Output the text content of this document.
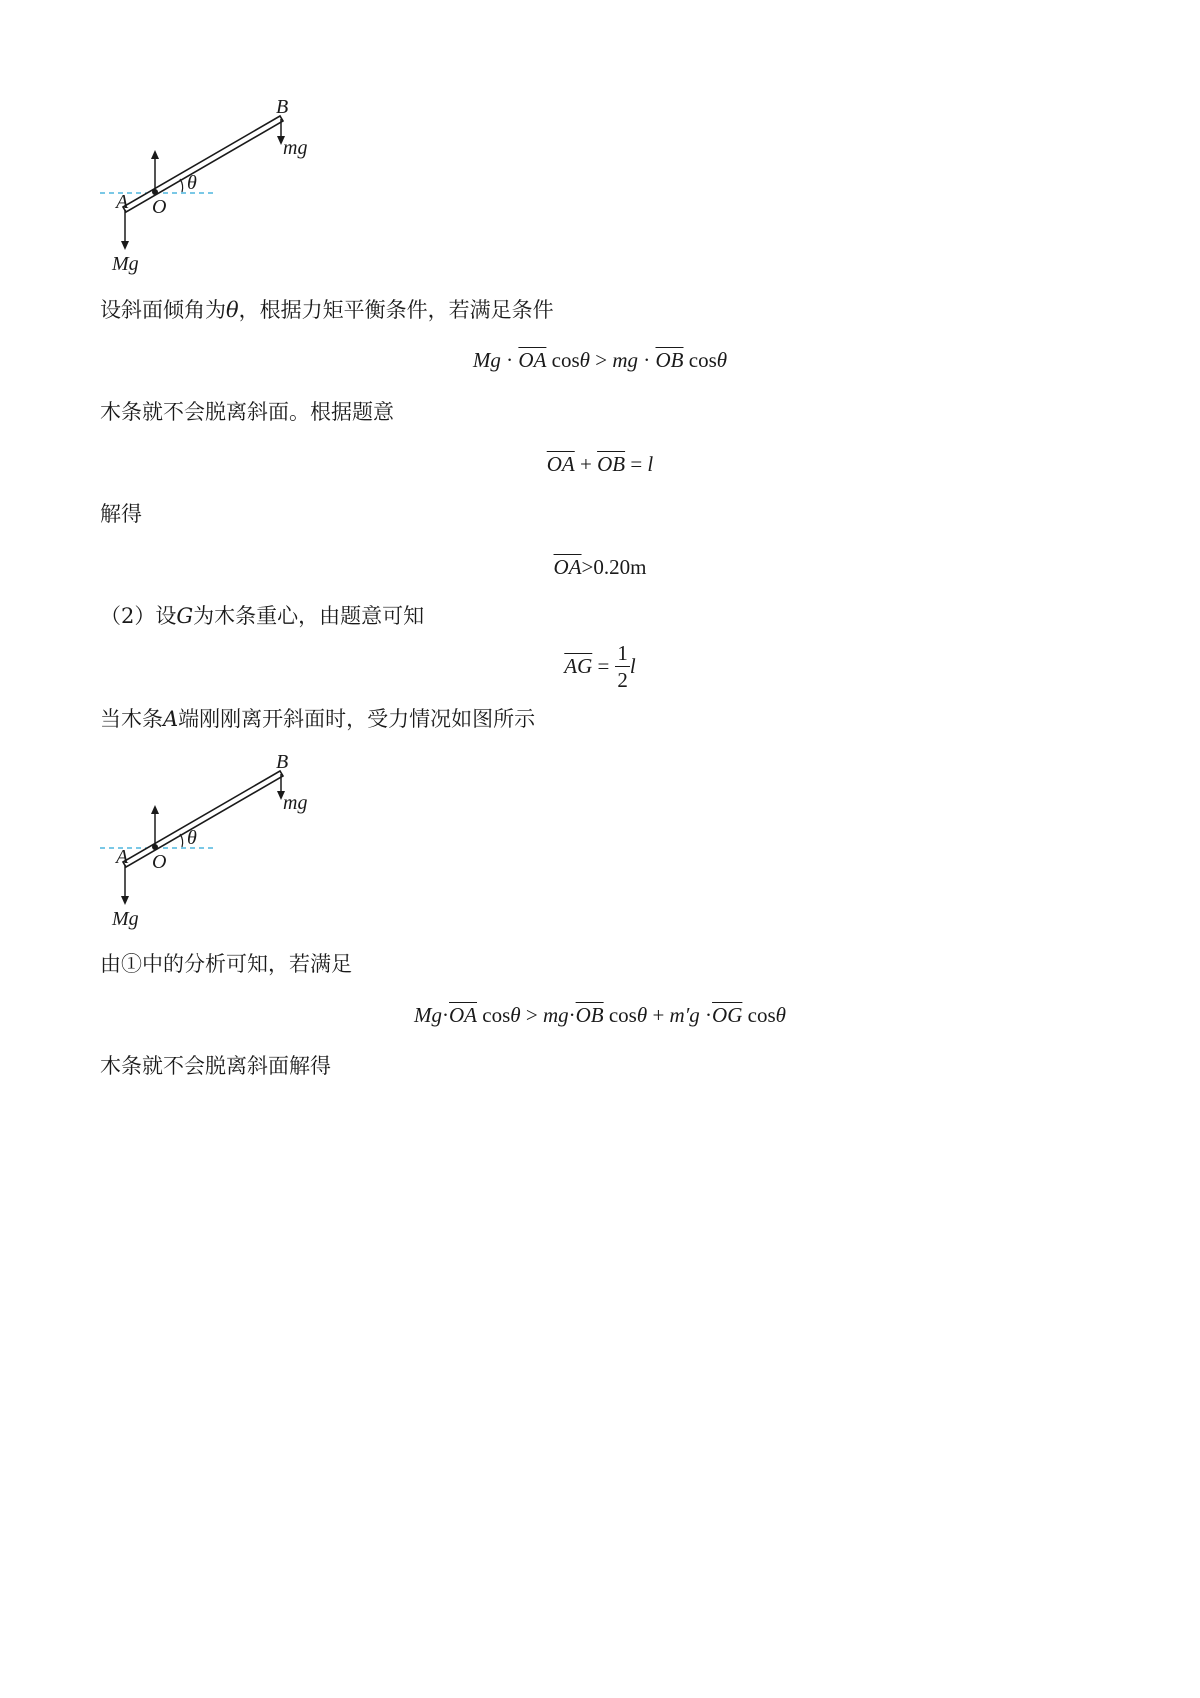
B
mg
θ
A O
Mg
设斜面倾角为θ，根据力矩平衡条件，若满足条件
$Mg \cdot \overline{OA}$ cosθ > mg · $\overline{OB}$ cosθ
木条就不会脱离斜面。根据题意
$\overline{OA} + \overline{OB} = l$
解得
$\overline{OA}>0.20m$
（2）设G为木条重心，由题意可知
$\overline{AG} = \frac{1}{2}$ l
当木条A端刚刚离开斜面时，受力情况如图所示
B
mg
θ
A O
Mg
由①中的分析可知，若满足
$Mg\cdot\overline{OA}$ $\cos\theta > mg\cdot\overline{OB}$ $\cos\theta + m'g \cdot\overline{OG}$ cosθ
木条就不会脱离斜面解得
